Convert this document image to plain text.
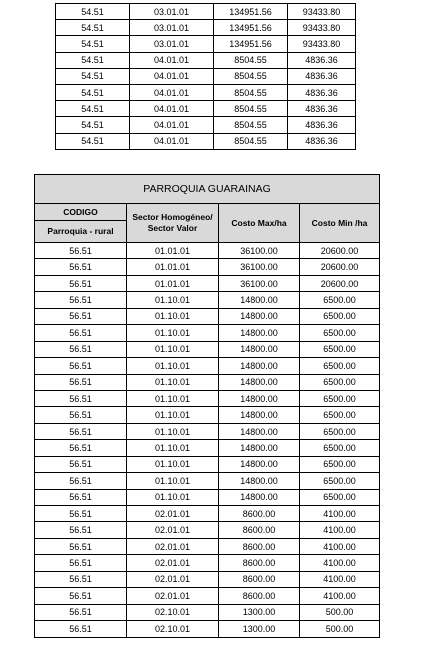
54.51	03.01.01	134951.56	93433.80
54.51	03.01.01	134951.56	93433.80
54.51	03.01.01	134951.56	93433.80
54.51	04.01.01	8504.55	4836.36
54.51	04.01.01	8504.55	4836.36
54.51	04.01.01	8504.55	4836.36
54.51	04.01.01	8504.55	4836.36
54.51	04.01.01	8504.55	4836.36
54.51	04.01.01	8504.55	4836.36
PARROQUIA GUARAINAG			
CODIGO	Sector Homogéneo/ Sector Valor	Costo Max/ha	Costo Min /ha
Parroquia - rural			
56.51	01.01.01	36100.00	20600.00
56.51	01.01.01	36100.00	20600.00
56.51	01.01.01	36100.00	20600.00
56.51	01.10.01	14800.00	6500.00
56.51	01.10.01	14800.00	6500.00
56.51	01.10.01	14800.00	6500.00
56.51	01.10.01	14800.00	6500.00
56.51	01.10.01	14800.00	6500.00
56.51	01.10.01	14800.00	6500.00
56.51	01.10.01	14800.00	6500.00
56.51	01.10.01	14800.00	6500.00
56.51	01.10.01	14800.00	6500.00
56.51	01.10.01	14800.00	6500.00
56.51	01.10.01	14800.00	6500.00
56.51	01.10.01	14800.00	6500.00
56.51	01.10.01	14800.00	6500.00
56.51	02.01.01	8600.00	4100.00
56.51	02.01.01	8600.00	4100.00
56.51	02.01.01	8600.00	4100.00
56.51	02.01.01	8600.00	4100.00
56.51	02.01.01	8600.00	4100.00
56.51	02.01.01	8600.00	4100.00
56.51	02.10.01	1300.00	500.00
56.51	02.10.01	1300.00	500.00
